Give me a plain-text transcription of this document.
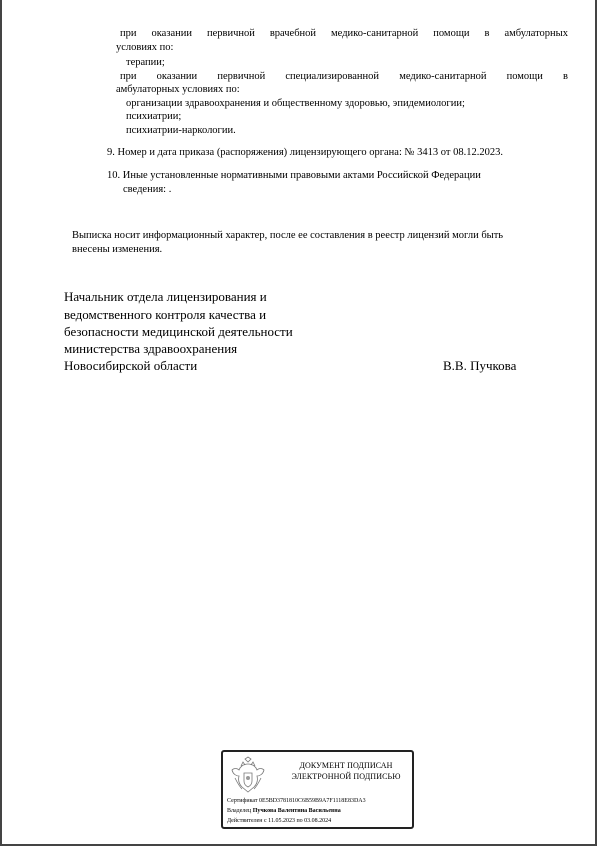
при оказании первичной врачебной медико-санитарной помощи в амбулаторных
условиях по:
терапии;
при оказании первичной специализированной медико-санитарной помощи в
амбулаторных условиях по:
организации здравоохранения и общественному здоровью, эпидемиологии;
психиатрии;
психиатрии-наркологии.
9. Номер и дата приказа (распоряжения) лицензирующего органа: № 3413 от 08.12.2023.
10. Иные установленные нормативными правовыми актами Российской Федерации
сведения: .
Выписка носит информационный характер, после ее составления в реестр лицензий могли быть
внесены изменения.
Начальник отдела лицензирования и
ведомственного контроля качества и
безопасности медицинской деятельности
министерства здравоохранения
Новосибирской области	В.В. Пучкова
ДОКУМЕНТ ПОДПИСАН
ЭЛЕКТРОННОЙ ПОДПИСЬЮ
Сертификат 0E5BD3781810C6B59B9A7F1118E83DA3
Владелец Пучкова Валентина Васильевна
Действителен с 11.05.2023 по 03.08.2024
